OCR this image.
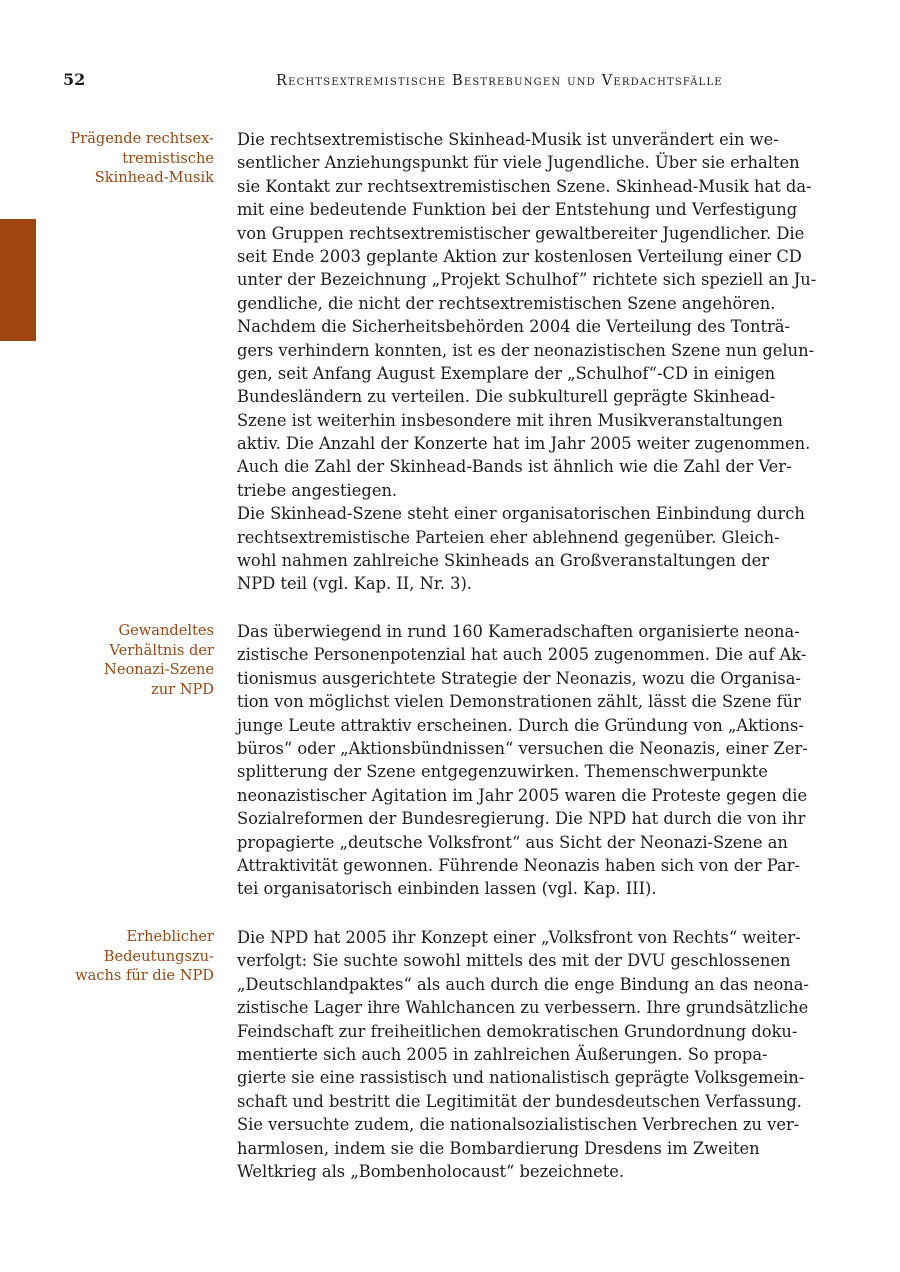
52	Rechtsextremistische Bestrebungen und Verdachtsfälle
Prägende rechtsex-
tremistische
Skinhead-Musik
Die rechtsextremistische Skinhead-Musik ist unverändert ein we-
sentlicher Anziehungspunkt für viele Jugendliche. Über sie erhalten
sie Kontakt zur rechtsextremistischen Szene. Skinhead-Musik hat da-
mit eine bedeutende Funktion bei der Entstehung und Verfestigung
von Gruppen rechtsextremistischer gewaltbereiter Jugendlicher. Die
seit Ende 2003 geplante Aktion zur kostenlosen Verteilung einer CD
unter der Bezeichnung „Projekt Schulhof” richtete sich speziell an Ju-
gendliche, die nicht der rechtsextremistischen Szene angehören.
Nachdem die Sicherheitsbehörden 2004 die Verteilung des Tonträ-
gers verhindern konnten, ist es der neonazistischen Szene nun gelun-
gen, seit Anfang August Exemplare der „Schulhof“-CD in einigen
Bundesländern zu verteilen. Die subkulturell geprägte Skinhead-
Szene ist weiterhin insbesondere mit ihren Musikveranstaltungen
aktiv. Die Anzahl der Konzerte hat im Jahr 2005 weiter zugenommen.
Auch die Zahl der Skinhead-Bands ist ähnlich wie die Zahl der Ver-
triebe angestiegen.
Die Skinhead-Szene steht einer organisatorischen Einbindung durch
rechtsextremistische Parteien eher ablehnend gegenüber. Gleich-
wohl nahmen zahlreiche Skinheads an Großveranstaltungen der
NPD teil (vgl. Kap. II, Nr. 3).
Gewandeltes
Verhältnis der
Neonazi-Szene
zur NPD
Das überwiegend in rund 160 Kameradschaften organisierte neona-
zistische Personenpotenzial hat auch 2005 zugenommen. Die auf Ak-
tionismus ausgerichtete Strategie der Neonazis, wozu die Organisa-
tion von möglichst vielen Demonstrationen zählt, lässt die Szene für
junge Leute attraktiv erscheinen. Durch die Gründung von „Aktions-
büros“ oder „Aktionsbündnissen“ versuchen die Neonazis, einer Zer-
splitterung der Szene entgegenzuwirken. Themenschwerpunkte
neonazistischer Agitation im Jahr 2005 waren die Proteste gegen die
Sozialreformen der Bundesregierung. Die NPD hat durch die von ihr
propagierte „deutsche Volksfront“ aus Sicht der Neonazi-Szene an
Attraktivität gewonnen. Führende Neonazis haben sich von der Par-
tei organisatorisch einbinden lassen (vgl. Kap. III).
Erheblicher
Bedeutungszu-
wachs für die NPD
Die NPD hat 2005 ihr Konzept einer „Volksfront von Rechts“ weiter-
verfolgt: Sie suchte sowohl mittels des mit der DVU geschlossenen
„Deutschlandpaktes“ als auch durch die enge Bindung an das neona-
zistische Lager ihre Wahlchancen zu verbessern. Ihre grundsätzliche
Feindschaft zur freiheitlichen demokratischen Grundordnung doku-
mentierte sich auch 2005 in zahlreichen Äußerungen. So propa-
gierte sie eine rassistisch und nationalistisch geprägte Volksgemein-
schaft und bestritt die Legitimität der bundesdeutschen Verfassung.
Sie versuchte zudem, die nationalsozialistischen Verbrechen zu ver-
harmlosen, indem sie die Bombardierung Dresdens im Zweiten
Weltkrieg als „Bombenholocaust“ bezeichnete.
